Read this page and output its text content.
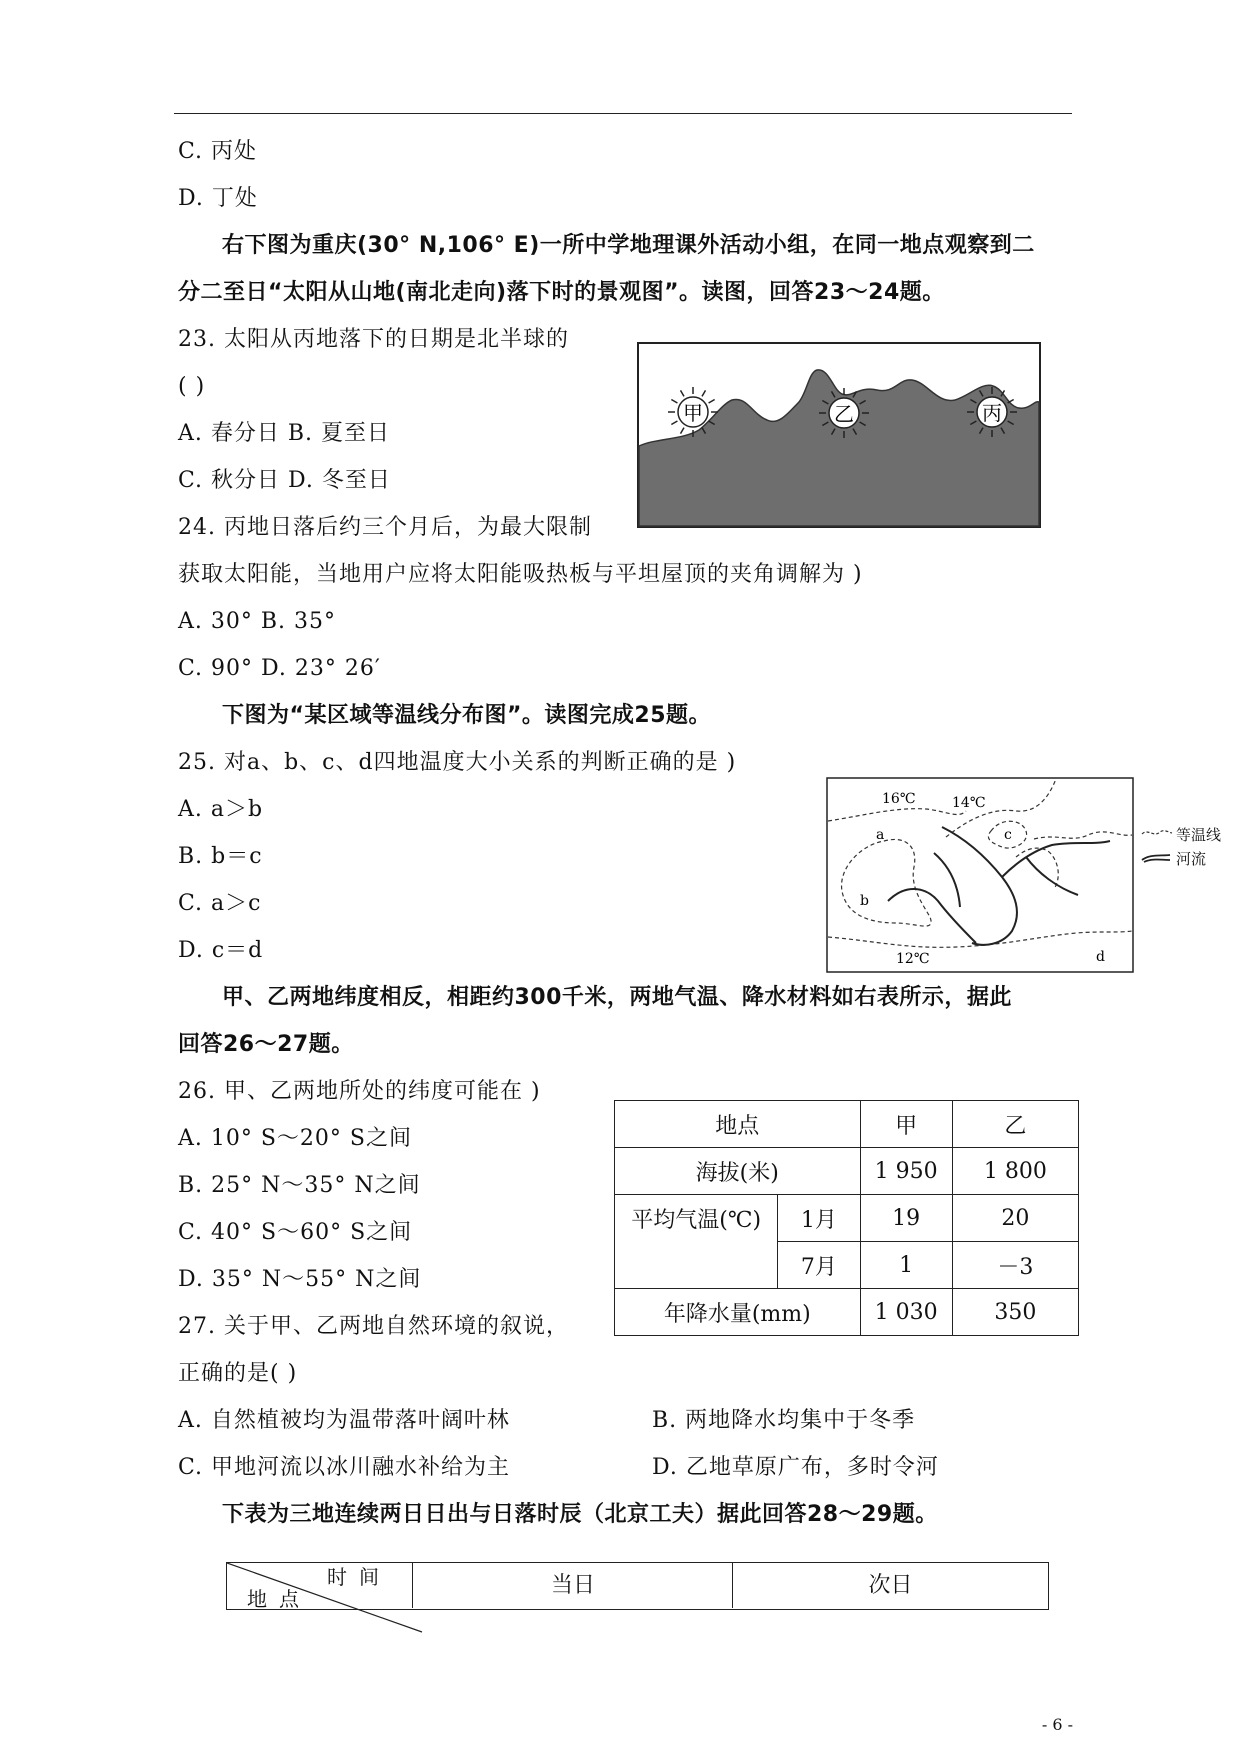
C. 丙处
D. 丁处
右下图为重庆(30° N,106° E)一所中学地理课外活动小组，在同一地点观察到二
分二至日“太阳从山地(南北走向)落下时的景观图”。读图，回答23～24题。
23. 太阳从丙地落下的日期是北半球的
( )
A. 春分日 B. 夏至日
C. 秋分日 D. 冬至日
24. 丙地日落后约三个月后，为最大限制
获取太阳能，当地用户应将太阳能吸热板与平坦屋顶的夹角调解为 )
A. 30° B. 35°
C. 90° D. 23° 26′
下图为“某区域等温线分布图”。读图完成25题。
25. 对a、b、c、d四地温度大小关系的判断正确的是 )
A. a＞b
B. b＝c
C. a＞c
D. c＝d
甲、乙两地纬度相反，相距约300千米，两地气温、降水材料如右表所示，据此
回答26～27题。
26. 甲、乙两地所处的纬度可能在 )
A. 10° S～20° S之间
B. 25° N～35° N之间
C. 40° S～60° S之间
D. 35° N～55° N之间
27. 关于甲、乙两地自然环境的叙说，
正确的是( )
A. 自然植被均为温带落叶阔叶林	B. 两地降水均集中于冬季
C. 甲地河流以冰川融水补给为主	D. 乙地草原广布，多时令河
下表为三地连续两日日出与日落时辰（北京工夫）据此回答28～29题。
甲	乙	丙
16℃	14℃
12℃
a
b
c
d
等温线
河流
地点		甲	乙
海拔(米)		1 950	1 800
平均气温(℃)	1月	19	20
	7月	1	－3
年降水量(mm)		1 030	350
时间
地点
当日	次日
- 6 -
